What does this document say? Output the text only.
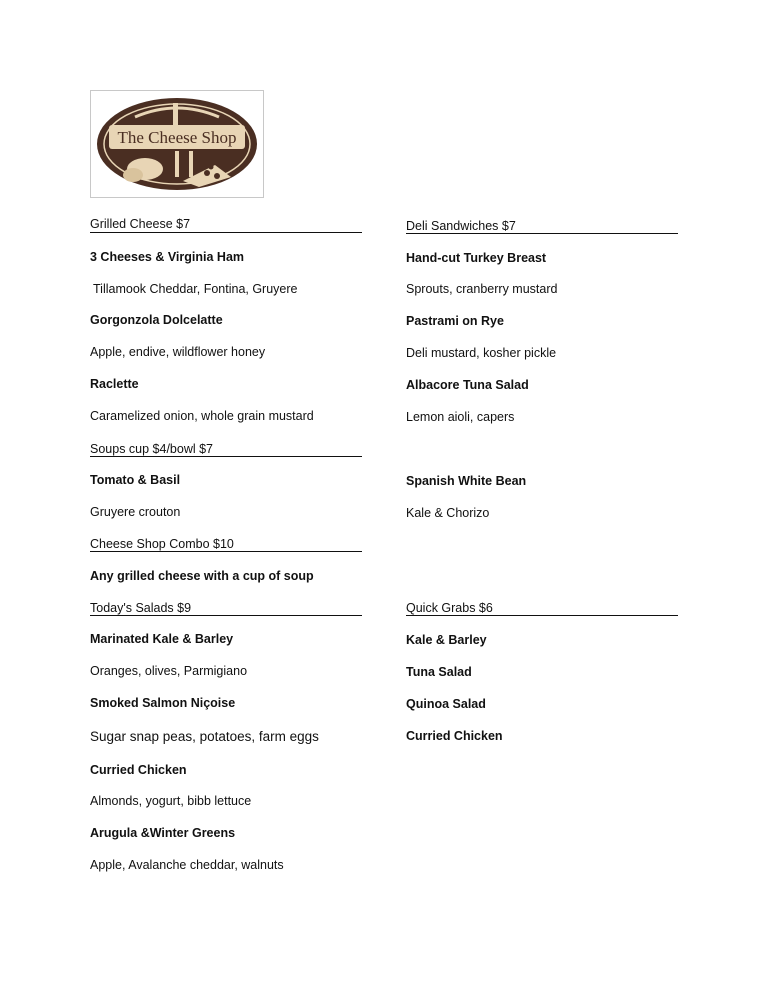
The Cheese Shop
Grilled Cheese $7
3 Cheeses & Virginia Ham
Tillamook Cheddar, Fontina, Gruyere
Gorgonzola Dolcelatte
Apple, endive, wildflower honey
Raclette
Caramelized onion, whole grain mustard
Soups cup $4/bowl $7
Tomato & Basil
Gruyere crouton
Cheese Shop Combo $10
Any grilled cheese with a cup of soup
Today's Salads $9
Marinated Kale & Barley
Oranges, olives, Parmigiano
Smoked Salmon Niçoise
Sugar snap peas, potatoes, farm eggs
Curried Chicken
Almonds, yogurt, bibb lettuce
Arugula &Winter Greens
Apple, Avalanche cheddar, walnuts
Deli Sandwiches $7
Hand-cut Turkey Breast
Sprouts, cranberry mustard
Pastrami on Rye
Deli mustard, kosher pickle
Albacore Tuna Salad
Lemon aioli, capers
Spanish White Bean
Kale & Chorizo
Quick Grabs $6
Kale & Barley
Tuna Salad
Quinoa Salad
Curried Chicken
